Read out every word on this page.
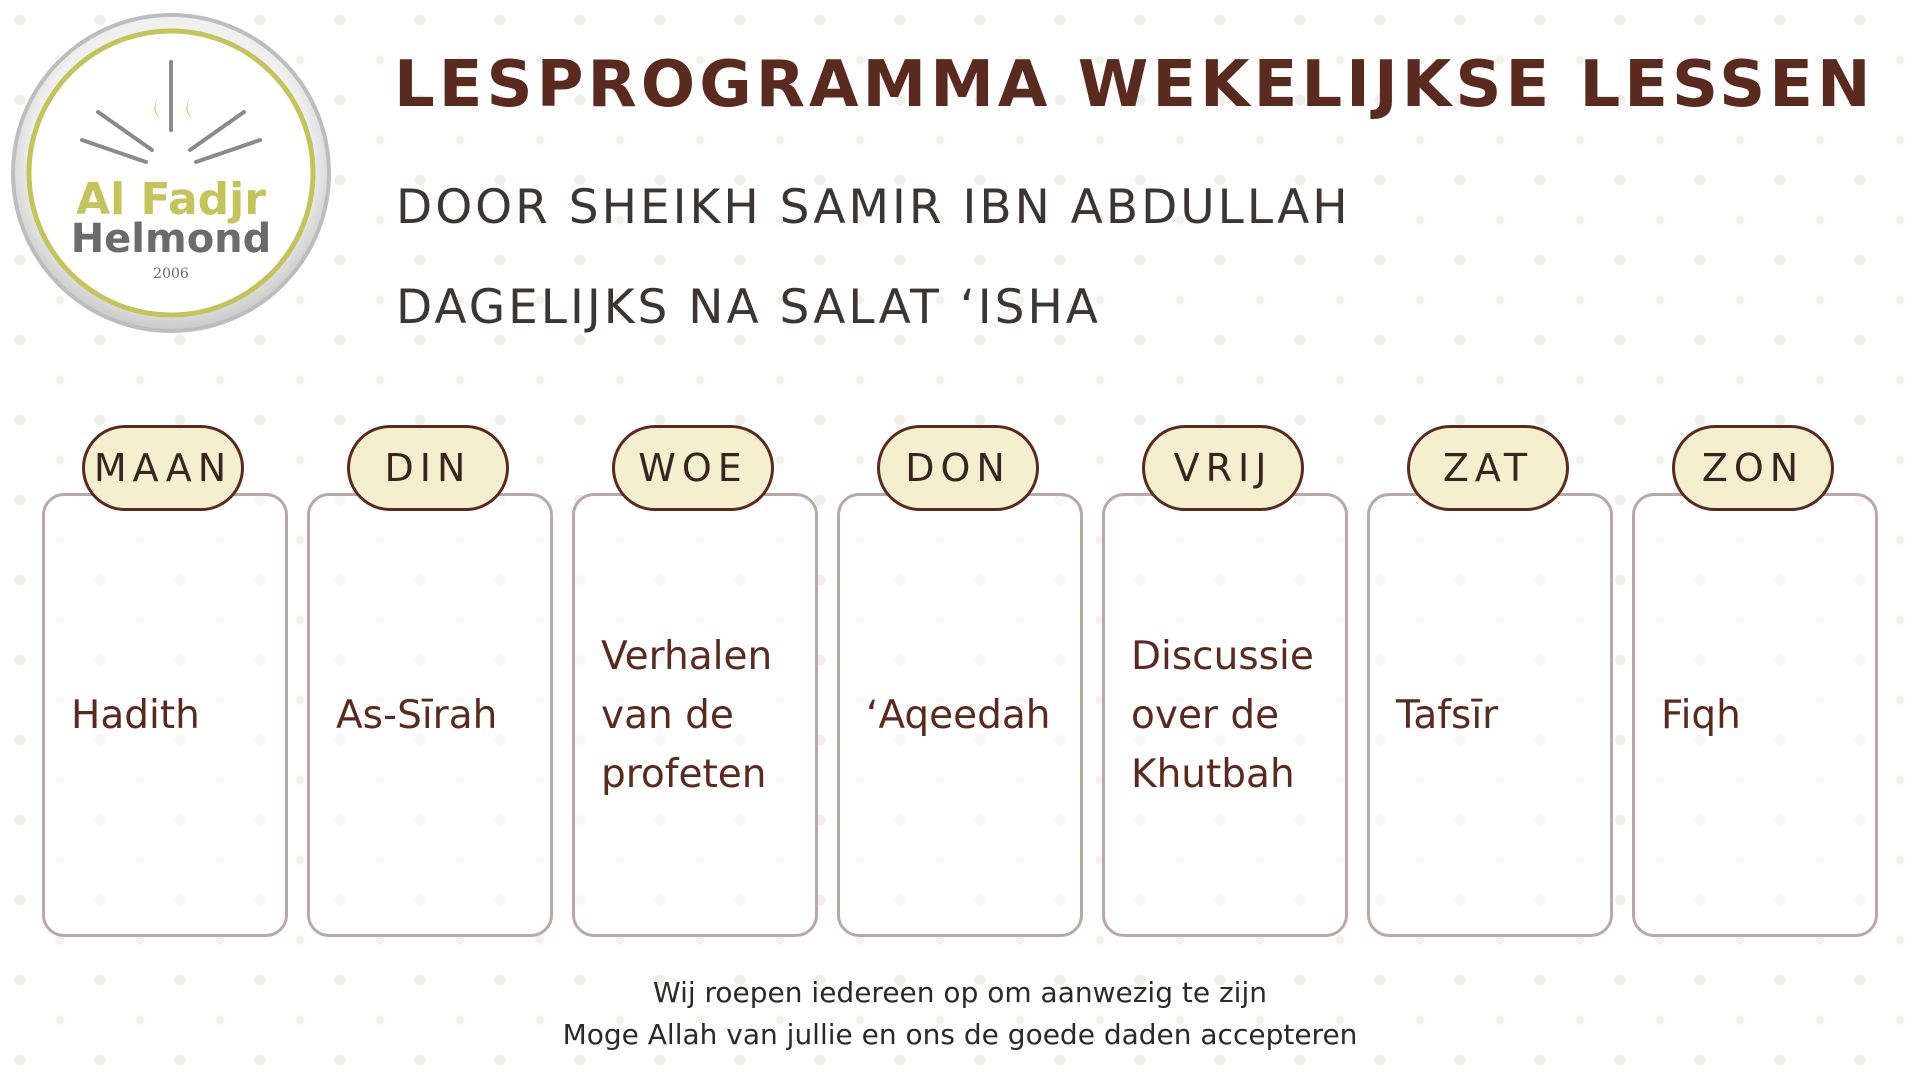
Al Fadjr
Helmond
2006
LESPROGRAMMA WEKELIJKSE LESSEN

DOOR SHEIKH SAMIR IBN ABDULLAH

DAGELIJKS NA SALAT ‘ISHA

MAAN
Hadith
DIN
As-Sīrah
WOE
Verhalen van de profeten
DON
‘Aqeedah
VRIJ
Discussie over de Khutbah
ZAT
Tafsīr
ZON
Fiqh
Wij roepen iedereen op om aanwezig te zijn
Moge Allah van jullie en ons de goede daden accepteren
